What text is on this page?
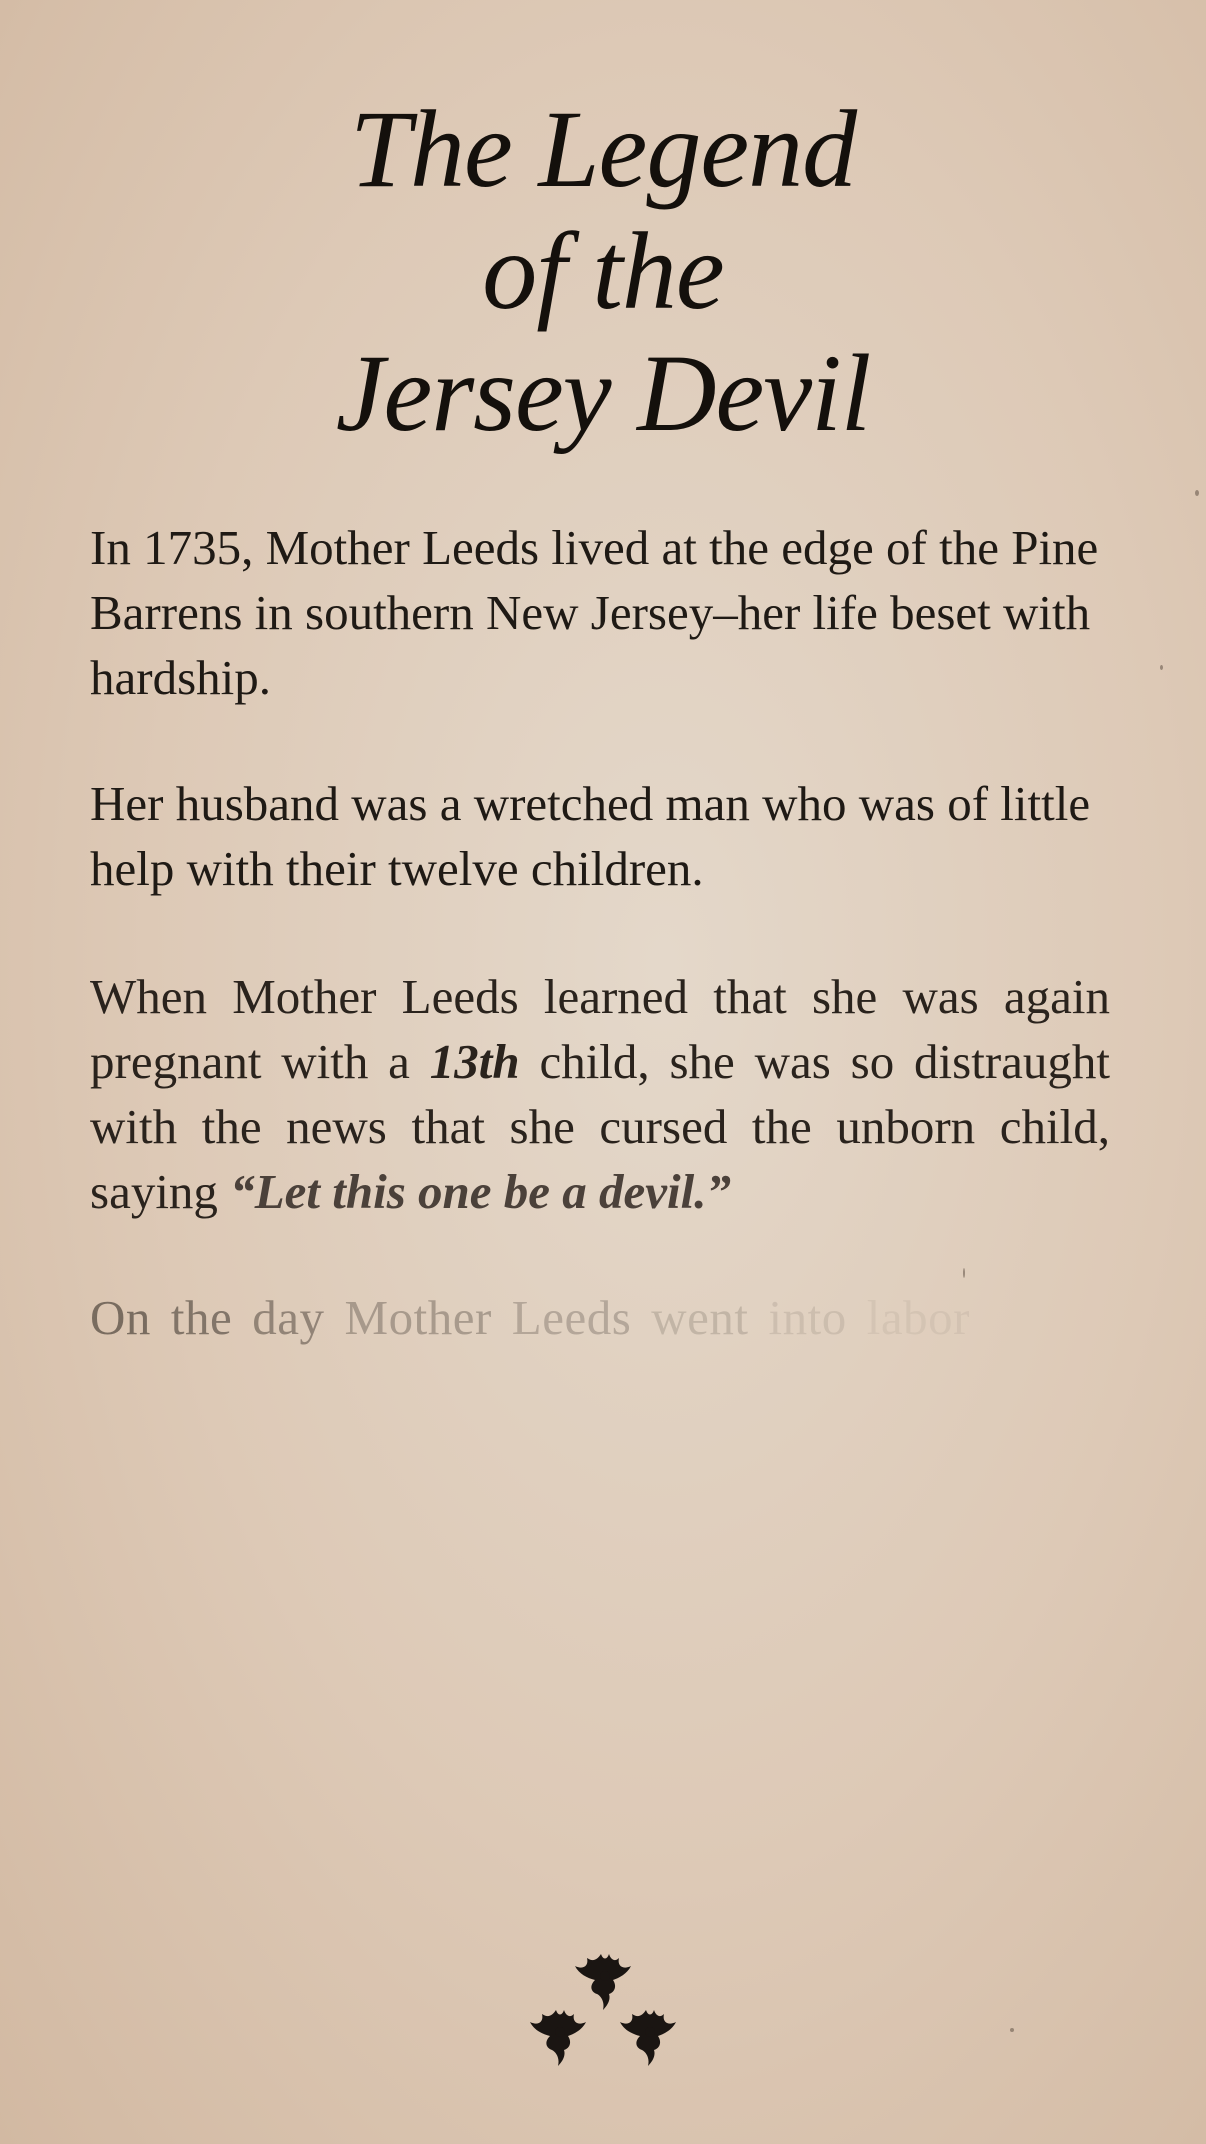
The Legend
of the
Jersey Devil

In 1735, Mother Leeds lived at the edge of the Pine Barrens in southern New Jersey–her life beset with hardship.

Her husband was a wretched man who was of little help with their twelve children.

When Mother Leeds learned that she was again pregnant with a 13th child, she was so distraught with the news that she cursed the unborn child, saying “Let this one be a devil.”

On the day Mother Leeds went into labor
